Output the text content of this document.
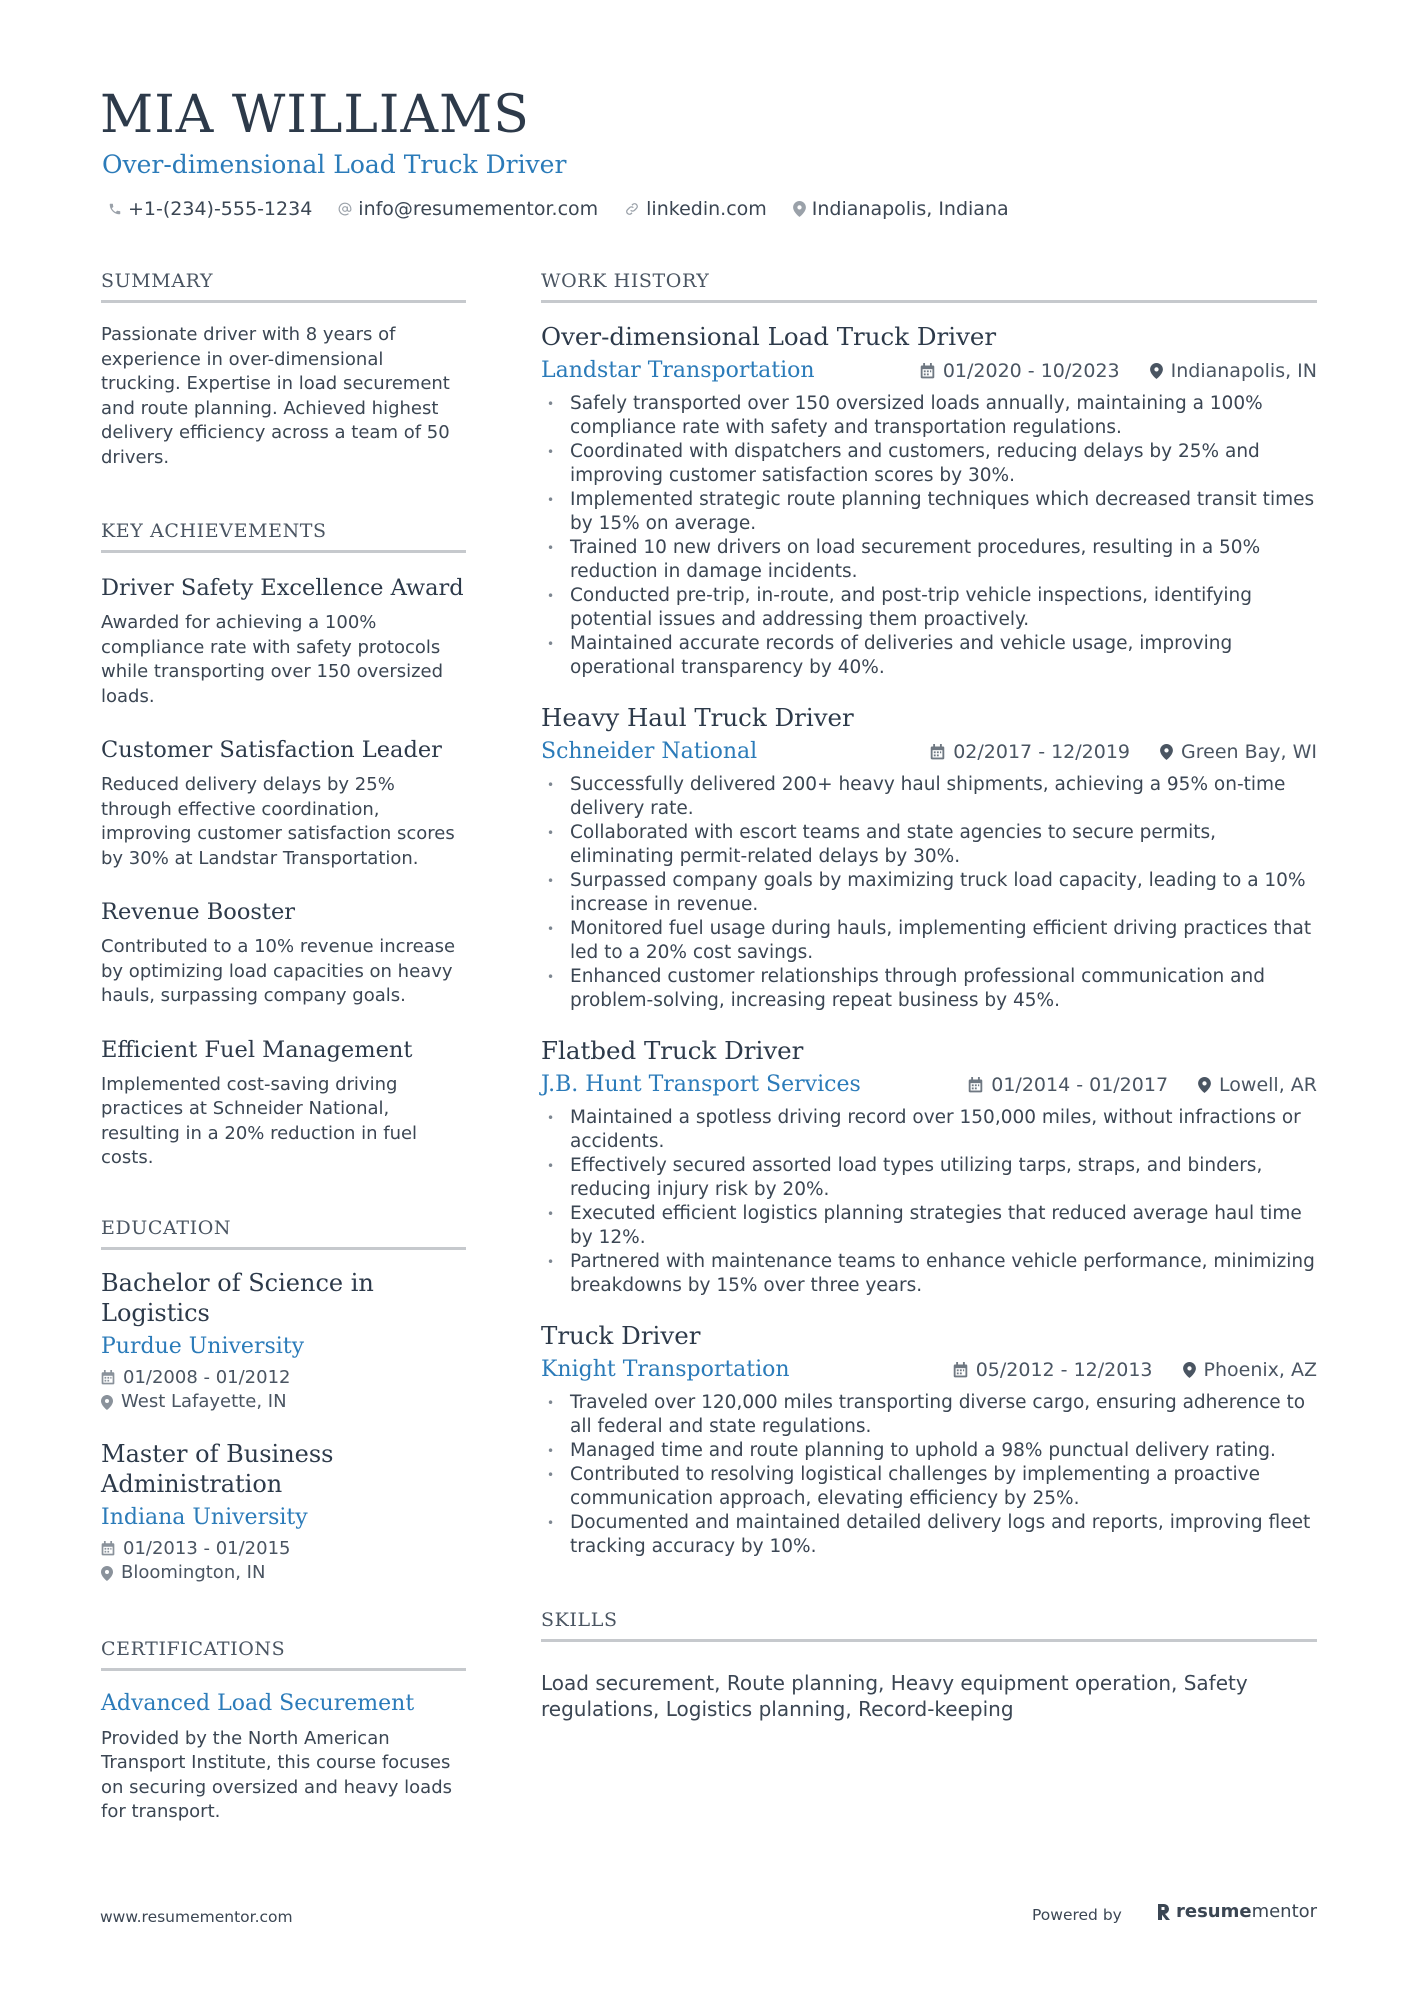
MIA WILLIAMS
Over-dimensional Load Truck Driver
+1-(234)-555-1234 info@resumementor.com	linkedin.com Indianapolis, Indiana
SUMMARY
Passionate driver with 8 years of experience in over-dimensional trucking. Expertise in load securement and route planning. Achieved highest delivery efficiency across a team of 50 drivers.
KEY ACHIEVEMENTS
Driver Safety Excellence Award
Awarded for achieving a 100% compliance rate with safety protocols while transporting over 150 oversized loads.
Customer Satisfaction Leader
Reduced delivery delays by 25% through effective coordination, improving customer satisfaction scores by 30% at Landstar Transportation.
Revenue Booster
Contributed to a 10% revenue increase by optimizing load capacities on heavy hauls, surpassing company goals.
Efficient Fuel Management
Implemented cost-saving driving practices at Schneider National, resulting in a 20% reduction in fuel costs.
EDUCATION
Bachelor of Science in Logistics
Purdue University
01/2008 - 01/2012
West Lafayette, IN
Master of Business Administration
Indiana University
01/2013 - 01/2015
Bloomington, IN
CERTIFICATIONS
Advanced Load Securement
Provided by the North American Transport Institute, this course focuses on securing oversized and heavy loads for transport.
WORK HISTORY
Over-dimensional Load Truck Driver
Landstar Transportation	01/2020 - 10/2023	Indianapolis, IN
• Safely transported over 150 oversized loads annually, maintaining a 100% compliance rate with safety and transportation regulations.
• Coordinated with dispatchers and customers, reducing delays by 25% and improving customer satisfaction scores by 30%.
• Implemented strategic route planning techniques which decreased transit times by 15% on average.
• Trained 10 new drivers on load securement procedures, resulting in a 50% reduction in damage incidents.
• Conducted pre-trip, in-route, and post-trip vehicle inspections, identifying potential issues and addressing them proactively.
• Maintained accurate records of deliveries and vehicle usage, improving operational transparency by 40%.
Heavy Haul Truck Driver
Schneider National	02/2017 - 12/2019	Green Bay, WI
• Successfully delivered 200+ heavy haul shipments, achieving a 95% on-time delivery rate.
• Collaborated with escort teams and state agencies to secure permits, eliminating permit-related delays by 30%.
• Surpassed company goals by maximizing truck load capacity, leading to a 10% increase in revenue.
• Monitored fuel usage during hauls, implementing efficient driving practices that led to a 20% cost savings.
• Enhanced customer relationships through professional communication and problem-solving, increasing repeat business by 45%.
Flatbed Truck Driver
J.B. Hunt Transport Services	01/2014 - 01/2017	Lowell, AR
• Maintained a spotless driving record over 150,000 miles, without infractions or accidents.
• Effectively secured assorted load types utilizing tarps, straps, and binders, reducing injury risk by 20%.
• Executed efficient logistics planning strategies that reduced average haul time by 12%.
• Partnered with maintenance teams to enhance vehicle performance, minimizing breakdowns by 15% over three years.
Truck Driver
Knight Transportation	05/2012 - 12/2013	Phoenix, AZ
• Traveled over 120,000 miles transporting diverse cargo, ensuring adherence to all federal and state regulations.
• Managed time and route planning to uphold a 98% punctual delivery rating.
• Contributed to resolving logistical challenges by implementing a proactive communication approach, elevating efficiency by 25%.
• Documented and maintained detailed delivery logs and reports, improving fleet tracking accuracy by 10%.
SKILLS
Load securement, Route planning, Heavy equipment operation, Safety regulations, Logistics planning, Record-keeping
www.resumementor.com	Powered by	resume mentor
